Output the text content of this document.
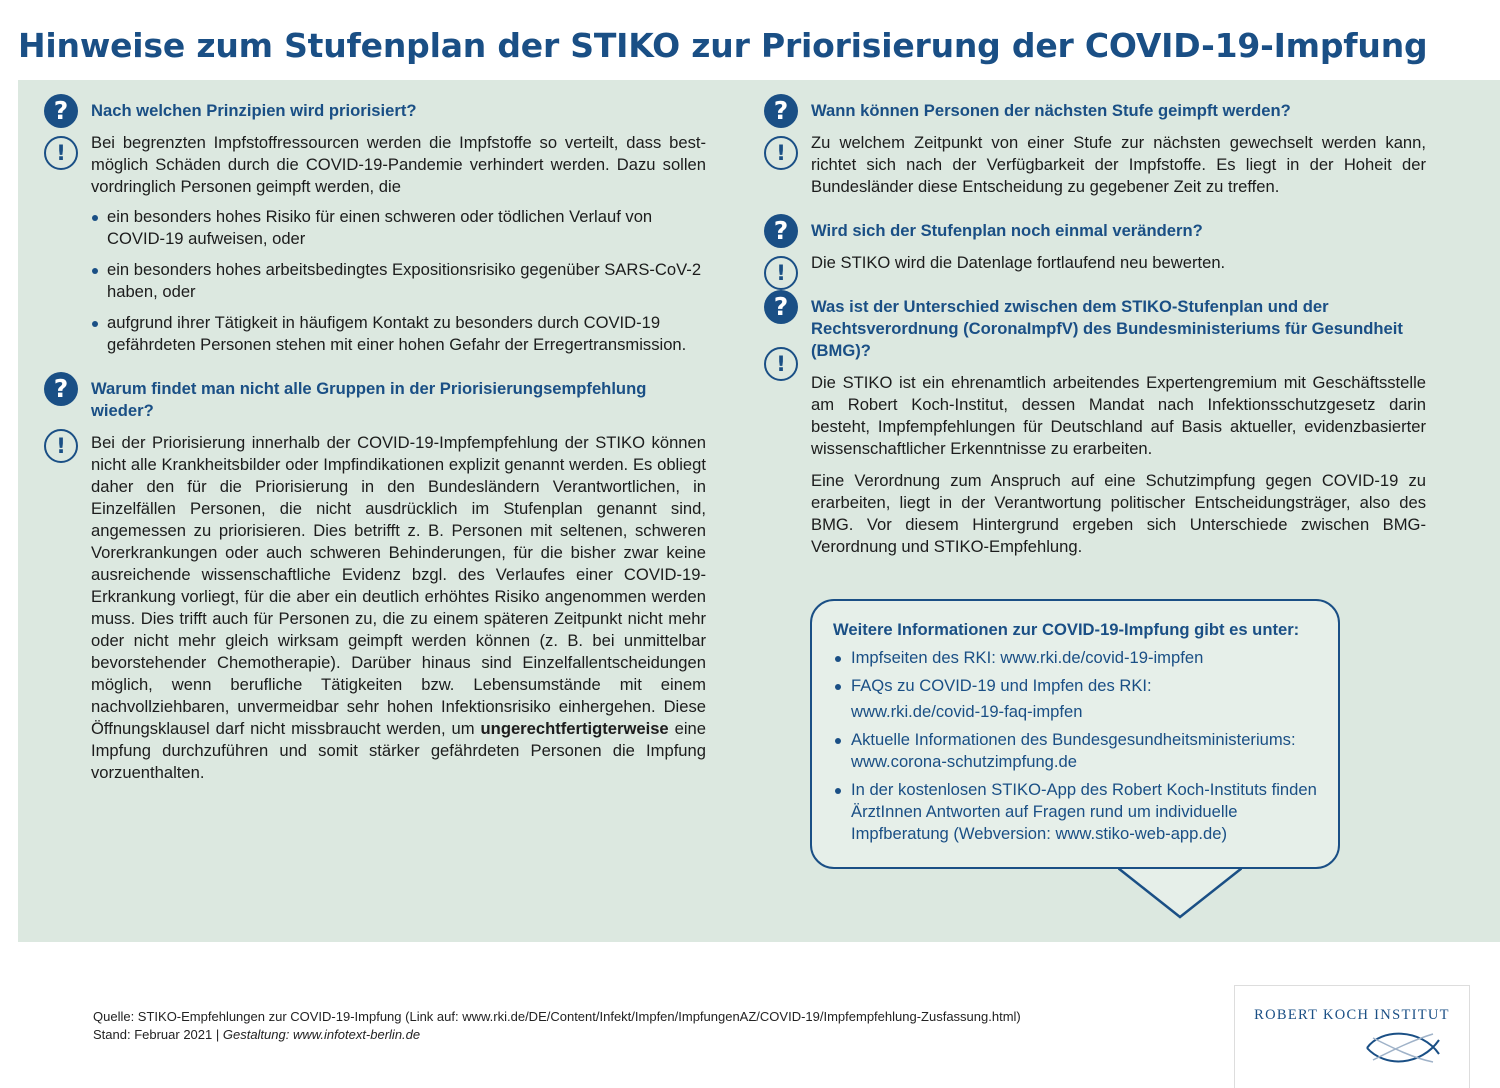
Hinweise zum Stufenplan der STIKO zur Priorisierung der COVID-19-Impfung
?	Nach welchen Prinzipien wird priorisiert?

!	Bei begrenzten Impfstoffressourcen werden die Impfstoffe so verteilt, dass best-möglich Schäden durch die COVID-19-Pandemie verhindert werden. Dazu sollen vordringlich Personen geimpft werden, die

ein besonders hohes Risiko für einen schweren oder tödlichen Verlauf von COVID-19 aufweisen, oder
ein besonders hohes arbeitsbedingtes Expositionsrisiko gegenüber SARS-CoV-2 haben, oder
aufgrund ihrer Tätigkeit in häufigem Kontakt zu besonders durch COVID-19 gefährdeten Personen stehen mit einer hohen Gefahr der Erregertransmission.
?	Warum findet man nicht alle Gruppen in der Priorisierungsempfehlung wieder?

!	Bei der Priorisierung innerhalb der COVID-19-Impfempfehlung der STIKO können nicht alle Krankheitsbilder oder Impfindikationen explizit genannt werden. Es obliegt daher den für die Priorisierung in den Bundesländern Verantwortlichen, in Einzelfällen Personen, die nicht ausdrücklich im Stufenplan genannt sind, angemessen zu priorisieren. Dies betrifft z. B. Personen mit seltenen, schweren Vorerkrankungen oder auch schweren Behinderungen, für die bisher zwar keine ausreichende wissenschaftliche Evidenz bzgl. des Verlaufes einer COVID-19-Erkrankung vorliegt, für die aber ein deutlich erhöhtes Risiko angenommen werden muss. Dies trifft auch für Personen zu, die zu einem späteren Zeitpunkt nicht mehr oder nicht mehr gleich wirksam geimpft werden können (z. B. bei unmittelbar bevorstehender Chemotherapie). Darüber hinaus sind Einzelfallentscheidungen möglich, wenn berufliche Tätigkeiten bzw. Lebensumstände mit einem nachvollziehbaren, unvermeidbar sehr hohen Infektionsrisiko einhergehen. Diese Öffnungsklausel darf nicht missbraucht werden, um ungerechtfertigterweise eine Impfung durchzuführen und somit stärker gefährdeten Personen die Impfung vorzuenthalten.

?	Wann können Personen der nächsten Stufe geimpft werden?

!	Zu welchem Zeitpunkt von einer Stufe zur nächsten gewechselt werden kann, richtet sich nach der Verfügbarkeit der Impfstoffe. Es liegt in der Hoheit der Bundesländer diese Entscheidung zu gegebener Zeit zu treffen.

?	Wird sich der Stufenplan noch einmal verändern?

!	Die STIKO wird die Datenlage fortlaufend neu bewerten.

?	Was ist der Unterschied zwischen dem STIKO-Stufenplan und der Rechtsverordnung (CoronaImpfV) des Bundesministeriums für Gesundheit (BMG)?

!

Die STIKO ist ein ehrenamtlich arbeitendes Expertengremium mit Geschäftsstelle am Robert Koch-Institut, dessen Mandat nach Infektionsschutzgesetz darin besteht, Impfempfehlungen für Deutschland auf Basis aktueller, evidenzbasierter wissenschaftlicher Erkenntnisse zu erarbeiten.

Eine Verordnung zum Anspruch auf eine Schutzimpfung gegen COVID-19 zu erarbeiten, liegt in der Verantwortung politischer Entscheidungsträger, also des BMG. Vor diesem Hintergrund ergeben sich Unterschiede zwischen BMG-Verordnung und STIKO-Empfehlung.

Weitere Informationen zur COVID-19-Impfung gibt es unter:

Impfseiten des RKI: www.rki.de/covid-19-impfen
FAQs zu COVID-19 und Impfen des RKI:
www.rki.de/covid-19-faq-impfen
Aktuelle Informationen des Bundesgesundheitsministeriums:
www.corona-schutzimpfung.de
In der kostenlosen STIKO-App des Robert Koch-Instituts finden ÄrztInnen Antworten auf Fragen rund um individuelle Impfberatung (Webversion: www.stiko-web-app.de)
Quelle: STIKO-Empfehlungen zur COVID-19-Impfung (Link auf: www.rki.de/DE/Content/Infekt/Impfen/ImpfungenAZ/COVID-19/Impfempfehlung-Zusfassung.html)
Stand: Februar 2021 | Gestaltung: www.infotext-berlin.de
ROBERT KOCH INSTITUT
